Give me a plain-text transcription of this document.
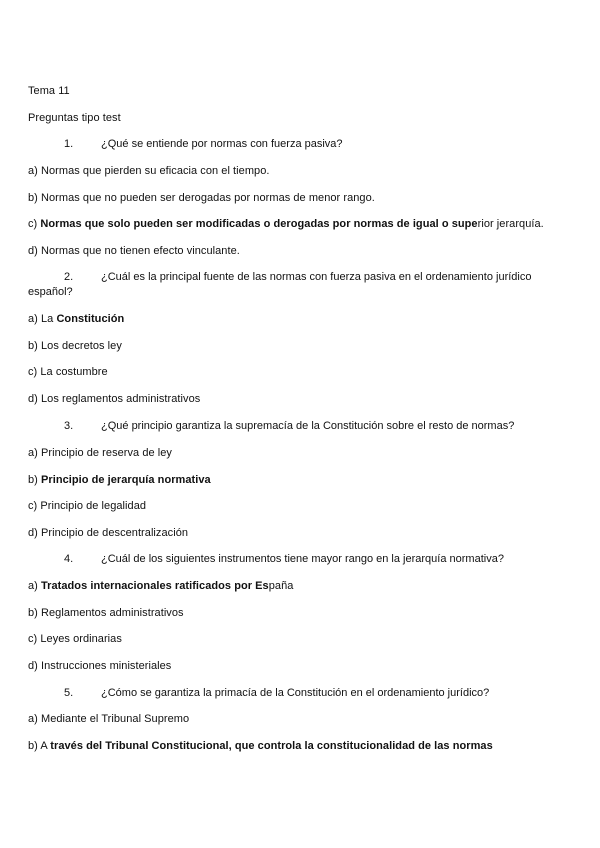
Tema 11
Preguntas tipo test
1.	¿Qué se entiende por normas con fuerza pasiva?
a) Normas que pierden su eficacia con el tiempo.
b) Normas que no pueden ser derogadas por normas de menor rango.
c) Normas que solo pueden ser modificadas o derogadas por normas de igual o superior jerarquía.
d) Normas que no tienen efecto vinculante.
2.	¿Cuál es la principal fuente de las normas con fuerza pasiva en el ordenamiento jurídico
español?
a) La Constitución
b) Los decretos ley
c) La costumbre
d) Los reglamentos administrativos
3.	¿Qué principio garantiza la supremacía de la Constitución sobre el resto de normas?
a) Principio de reserva de ley
b) Principio de jerarquía normativa
c) Principio de legalidad
d) Principio de descentralización
4.	¿Cuál de los siguientes instrumentos tiene mayor rango en la jerarquía normativa?
a) Tratados internacionales ratificados por España
b) Reglamentos administrativos
c) Leyes ordinarias
d) Instrucciones ministeriales
5.	¿Cómo se garantiza la primacía de la Constitución en el ordenamiento jurídico?
a) Mediante el Tribunal Supremo
b) A través del Tribunal Constitucional, que controla la constitucionalidad de las normas
